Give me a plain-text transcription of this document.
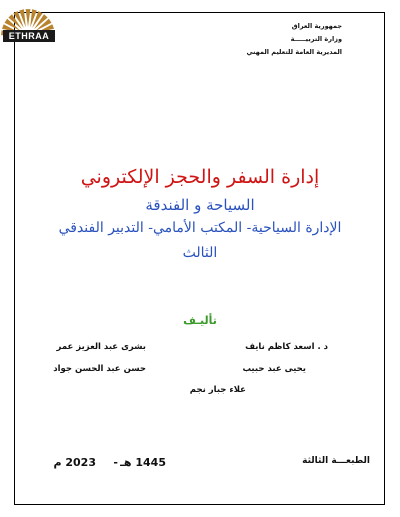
ETHRAA
جمهورية العراق
وزارة التربيـــــة
المديرية العامة للتعليم المهني
إدارة السفر والحجز الإلكتروني
السياحة و الفندقة
الإدارة السياحية- المكتب الأمامي- التدبير الفندقي
الثالث
تأليـف
د . اسعد كاظم نايف
بشرى عبد العزيز عمر
يحيى عبد حبيب
حسن عبد الحسن جواد
علاء جبار نجم
الطبعـــة الثالثة
1445 هـ
-
2023 م
